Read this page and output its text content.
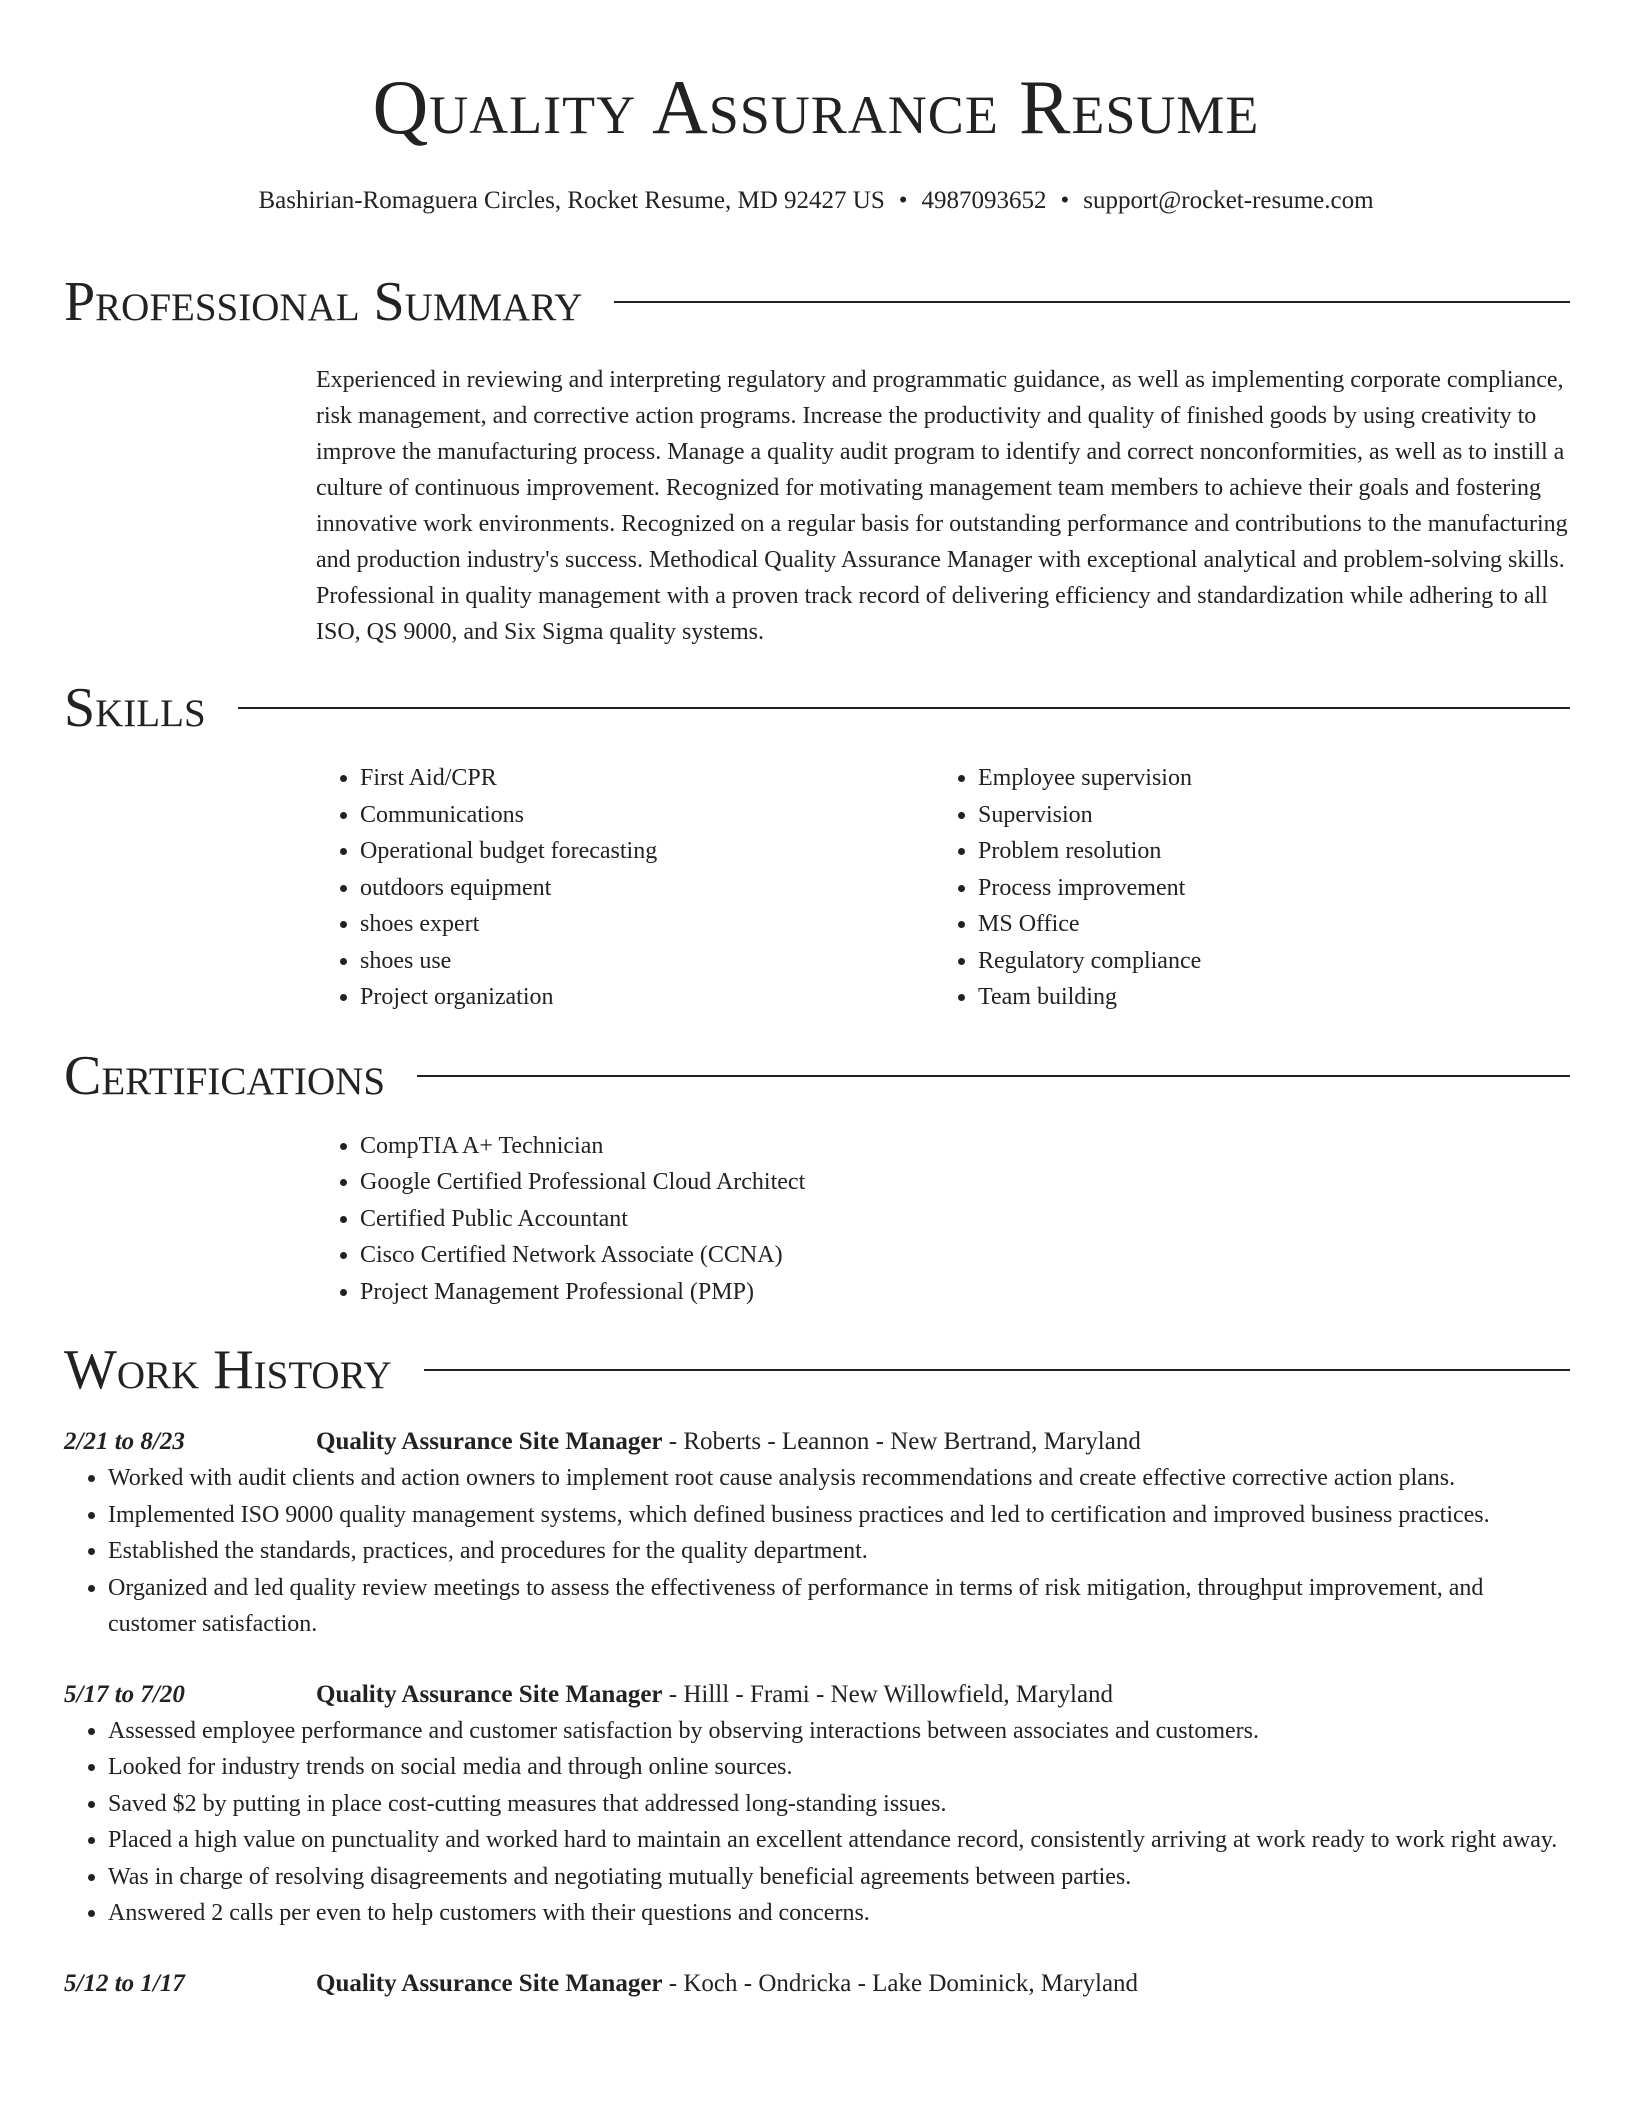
Quality Assurance Resume
Bashirian-Romaguera Circles, Rocket Resume, MD 92427 US • 4987093652 • support@rocket-resume.com
Professional Summary
Experienced in reviewing and interpreting regulatory and programmatic guidance, as well as implementing corporate compliance, risk management, and corrective action programs. Increase the productivity and quality of finished goods by using creativity to improve the manufacturing process. Manage a quality audit program to identify and correct nonconformities, as well as to instill a culture of continuous improvement. Recognized for motivating management team members to achieve their goals and fostering innovative work environments. Recognized on a regular basis for outstanding performance and contributions to the manufacturing and production industry's success. Methodical Quality Assurance Manager with exceptional analytical and problem-solving skills. Professional in quality management with a proven track record of delivering efficiency and standardization while adhering to all ISO, QS 9000, and Six Sigma quality systems.
Skills
• First Aid/CPR
• Communications
• Operational budget forecasting
• outdoors equipment
• shoes expert
• shoes use
• Project organization
• Employee supervision
• Supervision
• Problem resolution
• Process improvement
• MS Office
• Regulatory compliance
• Team building
Certifications
• CompTIA A+ Technician
• Google Certified Professional Cloud Architect
• Certified Public Accountant
• Cisco Certified Network Associate (CCNA)
• Project Management Professional (PMP)
Work History
2/21 to 8/23	Quality Assurance Site Manager - Roberts - Leannon - New Bertrand, Maryland
• Worked with audit clients and action owners to implement root cause analysis recommendations and create effective corrective action plans.
• Implemented ISO 9000 quality management systems, which defined business practices and led to certification and improved business practices.
• Established the standards, practices, and procedures for the quality department.
• Organized and led quality review meetings to assess the effectiveness of performance in terms of risk mitigation, throughput improvement, and customer satisfaction.
5/17 to 7/20	Quality Assurance Site Manager - Hilll - Frami - New Willowfield, Maryland
• Assessed employee performance and customer satisfaction by observing interactions between associates and customers.
• Looked for industry trends on social media and through online sources.
• Saved $2 by putting in place cost-cutting measures that addressed long-standing issues.
• Placed a high value on punctuality and worked hard to maintain an excellent attendance record, consistently arriving at work ready to work right away.
• Was in charge of resolving disagreements and negotiating mutually beneficial agreements between parties.
• Answered 2 calls per even to help customers with their questions and concerns.
5/12 to 1/17	Quality Assurance Site Manager - Koch - Ondricka - Lake Dominick, Maryland
